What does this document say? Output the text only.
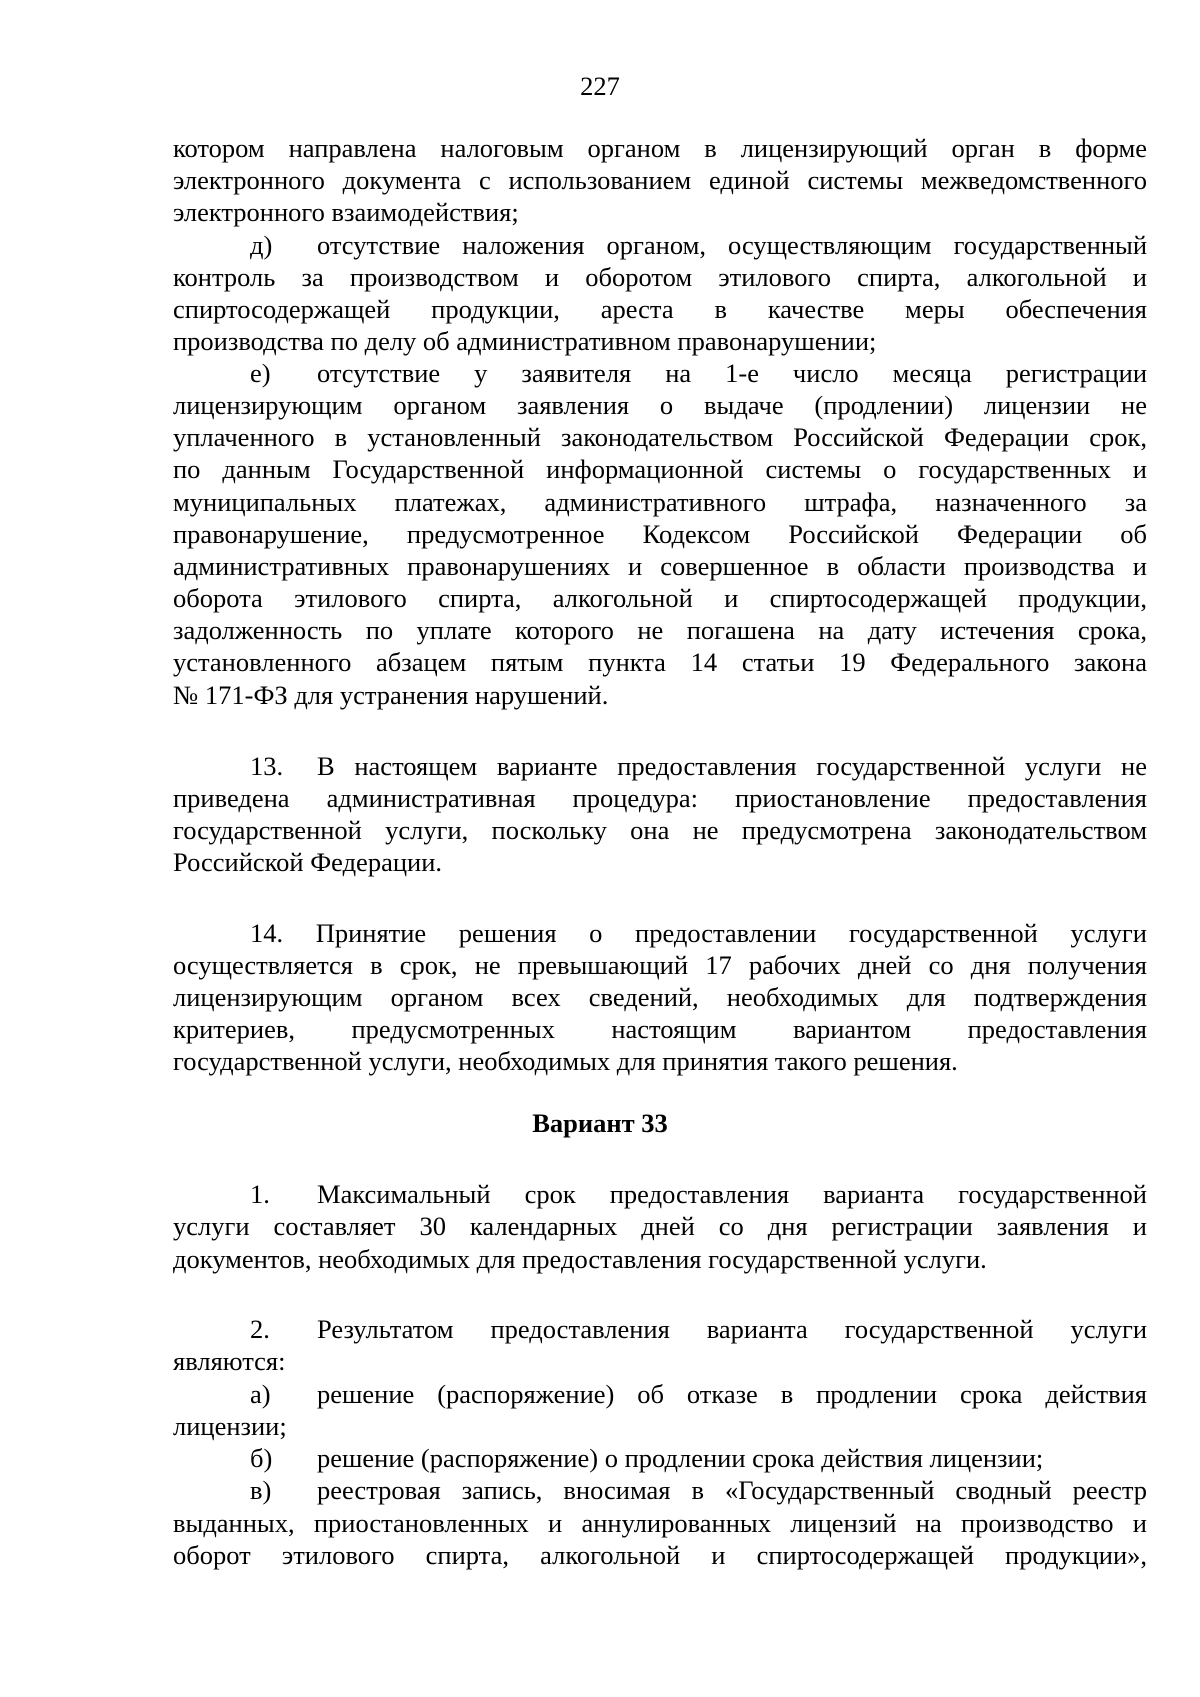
227
котором направлена налоговым органом в лицензирующий орган в форме
электронного документа с использованием единой системы межведомственного
электронного взаимодействия;
д) отсутствие наложения органом, осуществляющим государственный
контроль за производством и оборотом этилового спирта, алкогольной и
спиртосодержащей продукции, ареста в качестве меры обеспечения
производства по делу об административном правонарушении;
е) отсутствие у заявителя на 1-е число месяца регистрации
лицензирующим органом заявления о выдаче (продлении) лицензии не
уплаченного в установленный законодательством Российской Федерации срок,
по данным Государственной информационной системы о государственных и
муниципальных платежах, административного штрафа, назначенного за
правонарушение, предусмотренное Кодексом Российской Федерации об
административных правонарушениях и совершенное в области производства и
оборота этилового спирта, алкогольной и спиртосодержащей продукции,
задолженность по уплате которого не погашена на дату истечения срока,
установленного абзацем пятым пункта 14 статьи 19 Федерального закона
№ 171-ФЗ для устранения нарушений.
13. В настоящем варианте предоставления государственной услуги не
приведена административная процедура: приостановление предоставления
государственной услуги, поскольку она не предусмотрена законодательством
Российской Федерации.
14. Принятие решения о предоставлении государственной услуги
осуществляется в срок, не превышающий 17 рабочих дней со дня получения
лицензирующим органом всех сведений, необходимых для подтверждения
критериев, предусмотренных настоящим вариантом предоставления
государственной услуги, необходимых для принятия такого решения.
Вариант 33
1. Максимальный срок предоставления варианта государственной
услуги составляет 30 календарных дней со дня регистрации заявления и
документов, необходимых для предоставления государственной услуги.
2. Результатом предоставления варианта государственной услуги
являются:
а) решение (распоряжение) об отказе в продлении срока действия
лицензии;
б) решение (распоряжение) о продлении срока действия лицензии;
в) реестровая запись, вносимая в «Государственный сводный реестр
выданных, приостановленных и аннулированных лицензий на производство и
оборот этилового спирта, алкогольной и спиртосодержащей продукции»,
